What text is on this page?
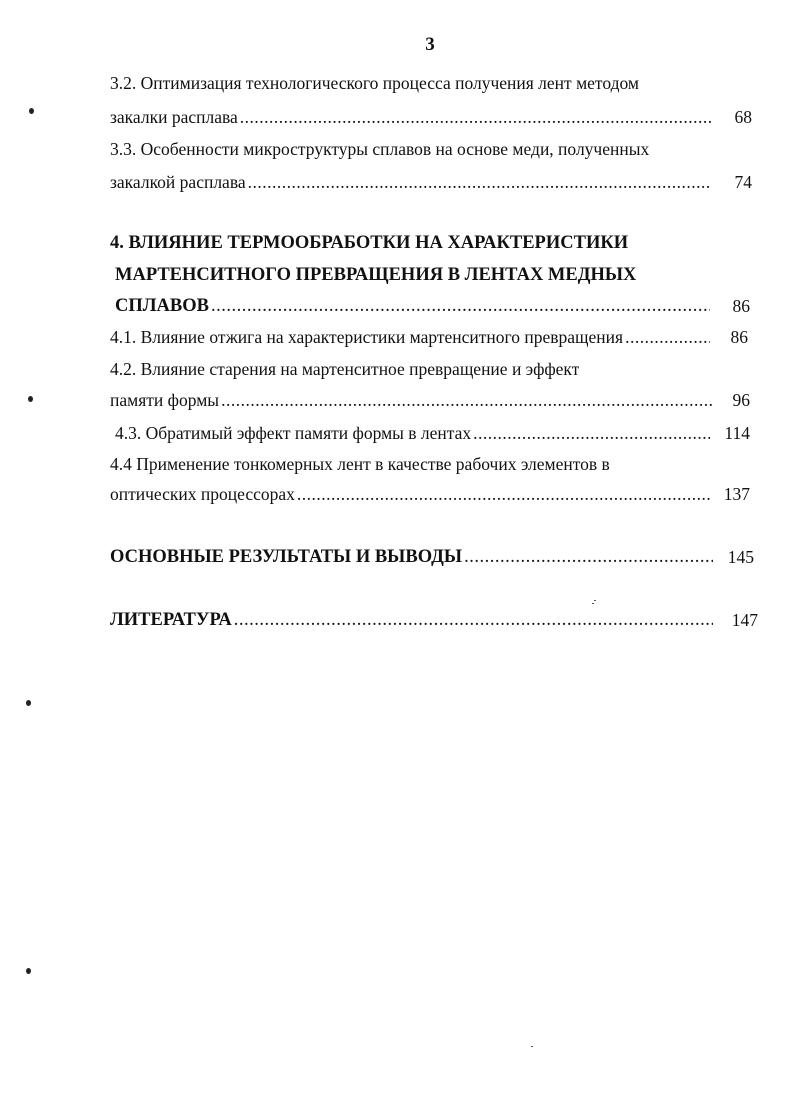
3
3.2. Оптимизация технологического процесса получения лент методом
закалки расплава .....	68
3.3. Особенности микроструктуры сплавов на основе меди, полученных
закалкой расплава .....	74
4. ВЛИЯНИЕ ТЕРМООБРАБОТКИ НА ХАРАКТЕРИСТИКИ
МАРТЕНСИТНОГО ПРЕВРАЩЕНИЯ В ЛЕНТАХ МЕДНЫХ
СПЛАВОВ .....	86
4.1. Влияние отжига на характеристики мартенситного превращения .....	86
4.2. Влияние старения на мартенситное превращение и эффект
памяти формы .....	96
4.3. Обратимый эффект памяти формы в лентах .....	114
4.4 Применение тонкомерных лент в качестве рабочих элементов в
оптических процессорах .....	137
ОСНОВНЫЕ РЕЗУЛЬТАТЫ И ВЫВОДЫ .....	145
ЛИТЕРАТУРА .....	147
